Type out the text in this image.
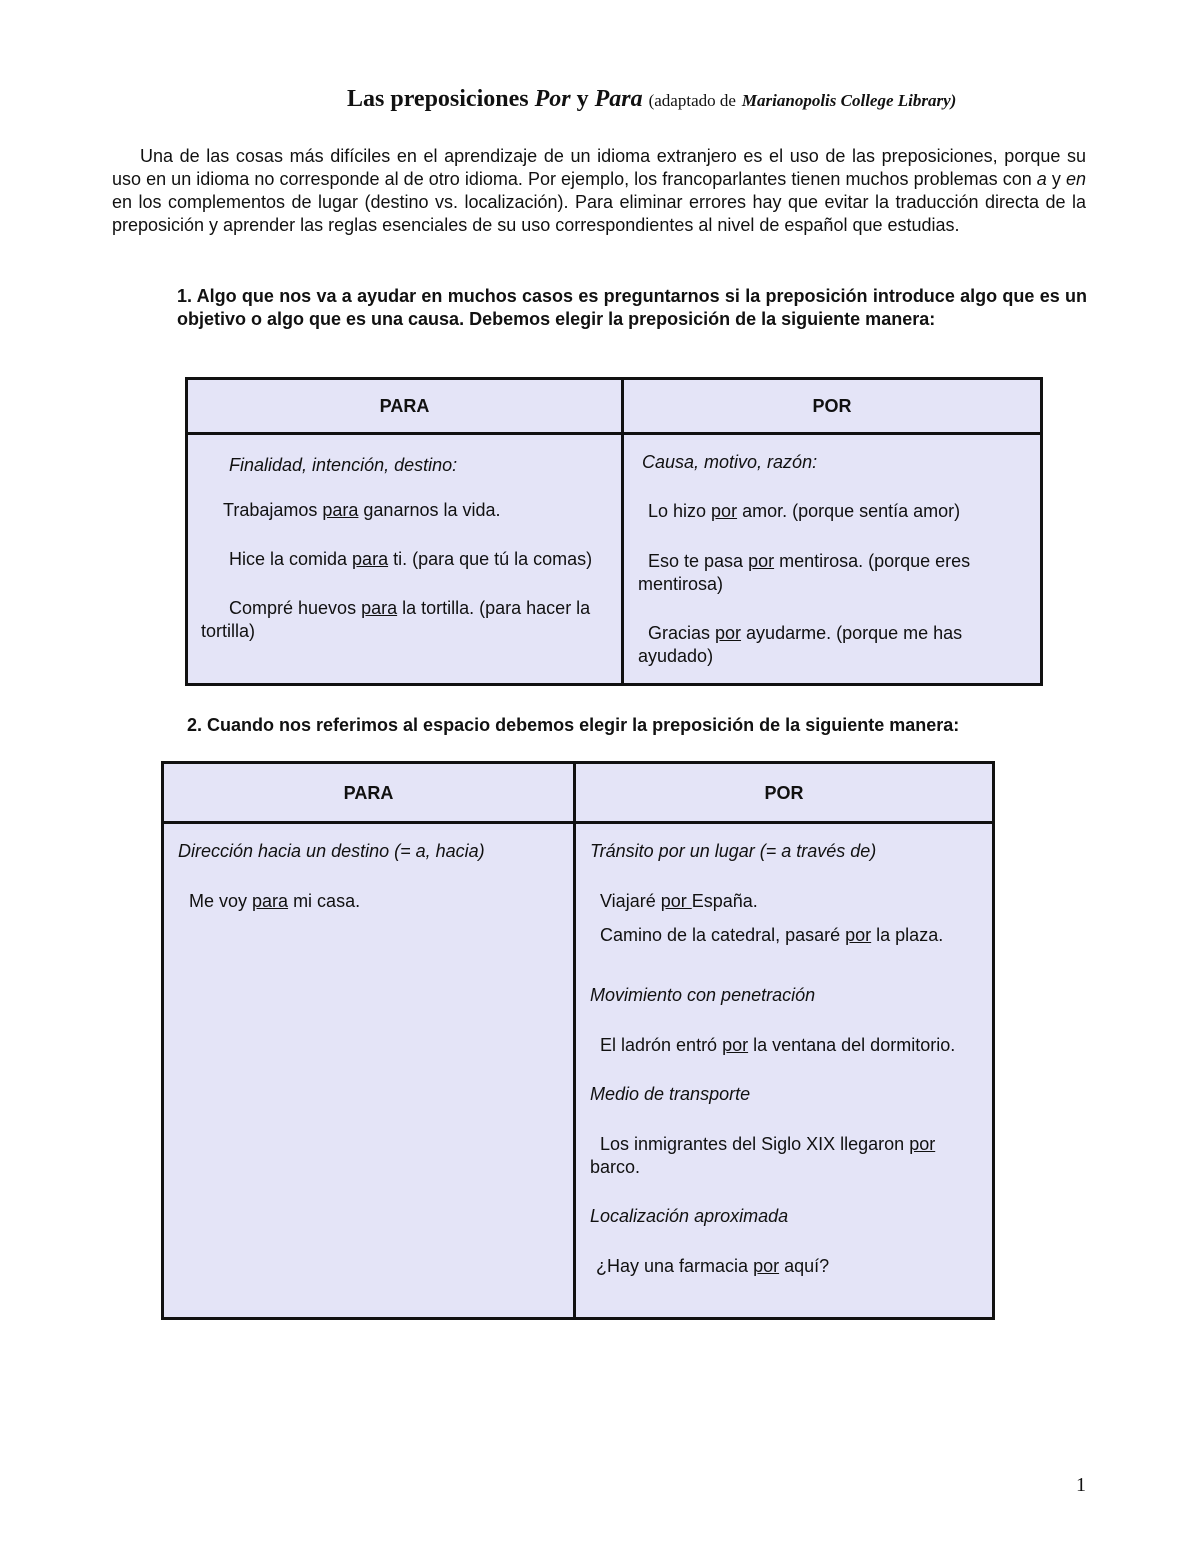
Las preposiciones Por y Para (adaptado de Marianopolis College Library)

Una de las cosas más difíciles en el aprendizaje de un idioma extranjero es el uso de las preposiciones, porque su uso en un idioma no corresponde al de otro idioma. Por ejemplo, los francoparlantes tienen muchos problemas con a y en en los complementos de lugar (destino vs. localización). Para eliminar errores hay que evitar la traducción directa de la preposición y aprender las reglas esenciales de su uso correspondientes al nivel de español que estudias.

1. Algo que nos va a ayudar en muchos casos es preguntarnos si la preposición introduce algo que es un objetivo o algo que es una causa. Debemos elegir la preposición de la siguiente manera:

PARA	POR

Finalidad, intención, destino:

Trabajamos para ganarnos la vida.

Hice la comida para ti. (para que tú la comas)

Compré huevos para la tortilla. (para hacer la tortilla)

Causa, motivo, razón:

Lo hizo por amor. (porque sentía amor)

Eso te pasa por mentirosa. (porque eres mentirosa)

Gracias por ayudarme. (porque me has ayudado)

2. Cuando nos referimos al espacio debemos elegir la preposición de la siguiente manera:

PARA	POR

Dirección hacia un destino (= a, hacia)

Me voy para mi casa.

Tránsito por un lugar (= a través de)

Viajaré por España.

Camino de la catedral, pasaré por la plaza.

Movimiento con penetración

El ladrón entró por la ventana del dormitorio.

Medio de transporte

Los inmigrantes del Siglo XIX llegaron por barco.

Localización aproximada

¿Hay una farmacia por aquí?

1
